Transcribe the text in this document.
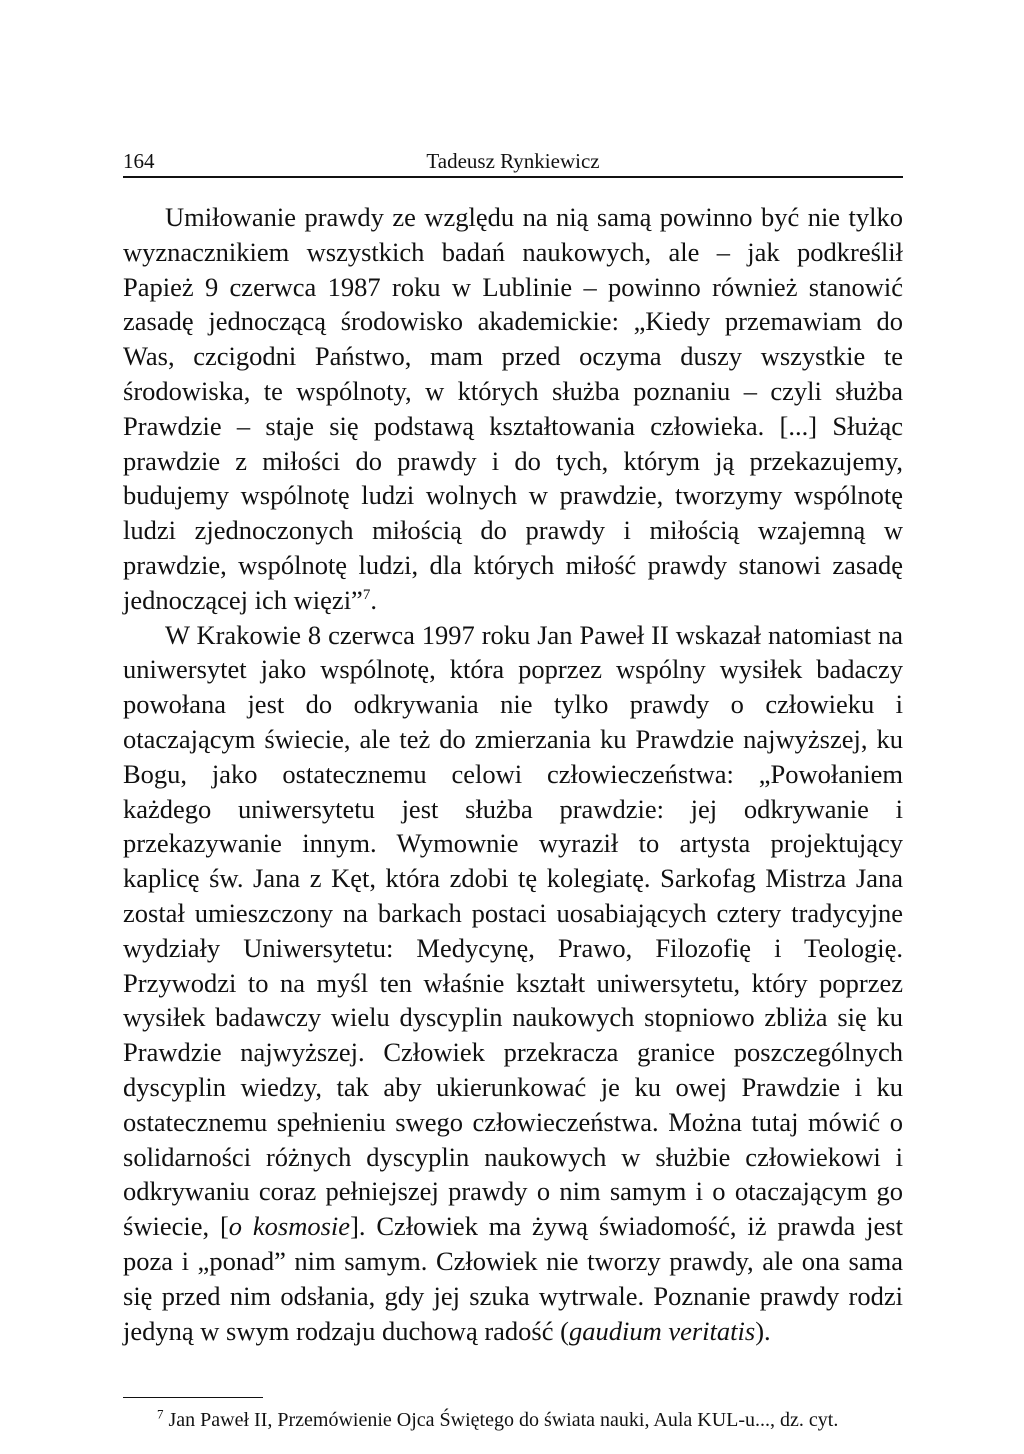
164	Tadeusz Rynkiewicz

Umiłowanie prawdy ze względu na nią samą powinno być nie tylko wyznacznikiem wszystkich badań naukowych, ale – jak podkreślił Papież 9 czerwca 1987 roku w Lublinie – powinno również stanowić zasadę jednoczącą środowisko akademickie: „Kiedy przemawiam do Was, czcigodni Państwo, mam przed oczyma duszy wszystkie te środowiska, te wspólnoty, w których służba poznaniu – czyli służba Prawdzie – staje się podstawą kształtowania człowieka. [...] Służąc prawdzie z miłości do prawdy i do tych, którym ją przekazujemy, budujemy wspólnotę ludzi wolnych w prawdzie, tworzymy wspólnotę ludzi zjednoczonych miłością do prawdy i miłością wzajemną w prawdzie, wspólnotę ludzi, dla których miłość prawdy stanowi zasadę jednoczącej ich więzi”$^7$.

W Krakowie 8 czerwca 1997 roku Jan Paweł II wskazał natomiast na uniwersytet jako wspólnotę, która poprzez wspólny wysiłek badaczy powołana jest do odkrywania nie tylko prawdy o człowieku i otaczającym świecie, ale też do zmierzania ku Prawdzie najwyższej, ku Bogu, jako ostatecznemu celowi człowieczeństwa: „Powołaniem każdego uniwersytetu jest służba prawdzie: jej odkrywanie i przekazywanie innym. Wymownie wyraził to artysta projektujący kaplicę św. Jana z Kęt, która zdobi tę kolegiatę. Sarkofag Mistrza Jana został umieszczony na barkach postaci uosabiających cztery tradycyjne wydziały Uniwersytetu: Medycynę, Prawo, Filozofię i Teologię. Przywodzi to na myśl ten właśnie kształt uniwersytetu, który poprzez wysiłek badawczy wielu dyscyplin naukowych stopniowo zbliża się ku Prawdzie najwyższej. Człowiek przekracza granice poszczególnych dyscyplin wiedzy, tak aby ukierunkować je ku owej Prawdzie i ku ostatecznemu spełnieniu swego człowieczeństwa. Można tutaj mówić o solidarności różnych dyscyplin naukowych w służbie człowiekowi i odkrywaniu coraz pełniejszej prawdy o nim samym i o otaczającym go świecie, [o kosmosie]. Człowiek ma żywą świadomość, iż prawda jest poza i „ponad” nim samym. Człowiek nie tworzy prawdy, ale ona sama się przed nim odsłania, gdy jej szuka wytrwale. Poznanie prawdy rodzi jedyną w swym rodzaju duchową radość (gaudium veritatis).

$^7$ Jan Paweł II, Przemówienie Ojca Świętego do świata nauki, Aula KUL-u..., dz. cyt.
